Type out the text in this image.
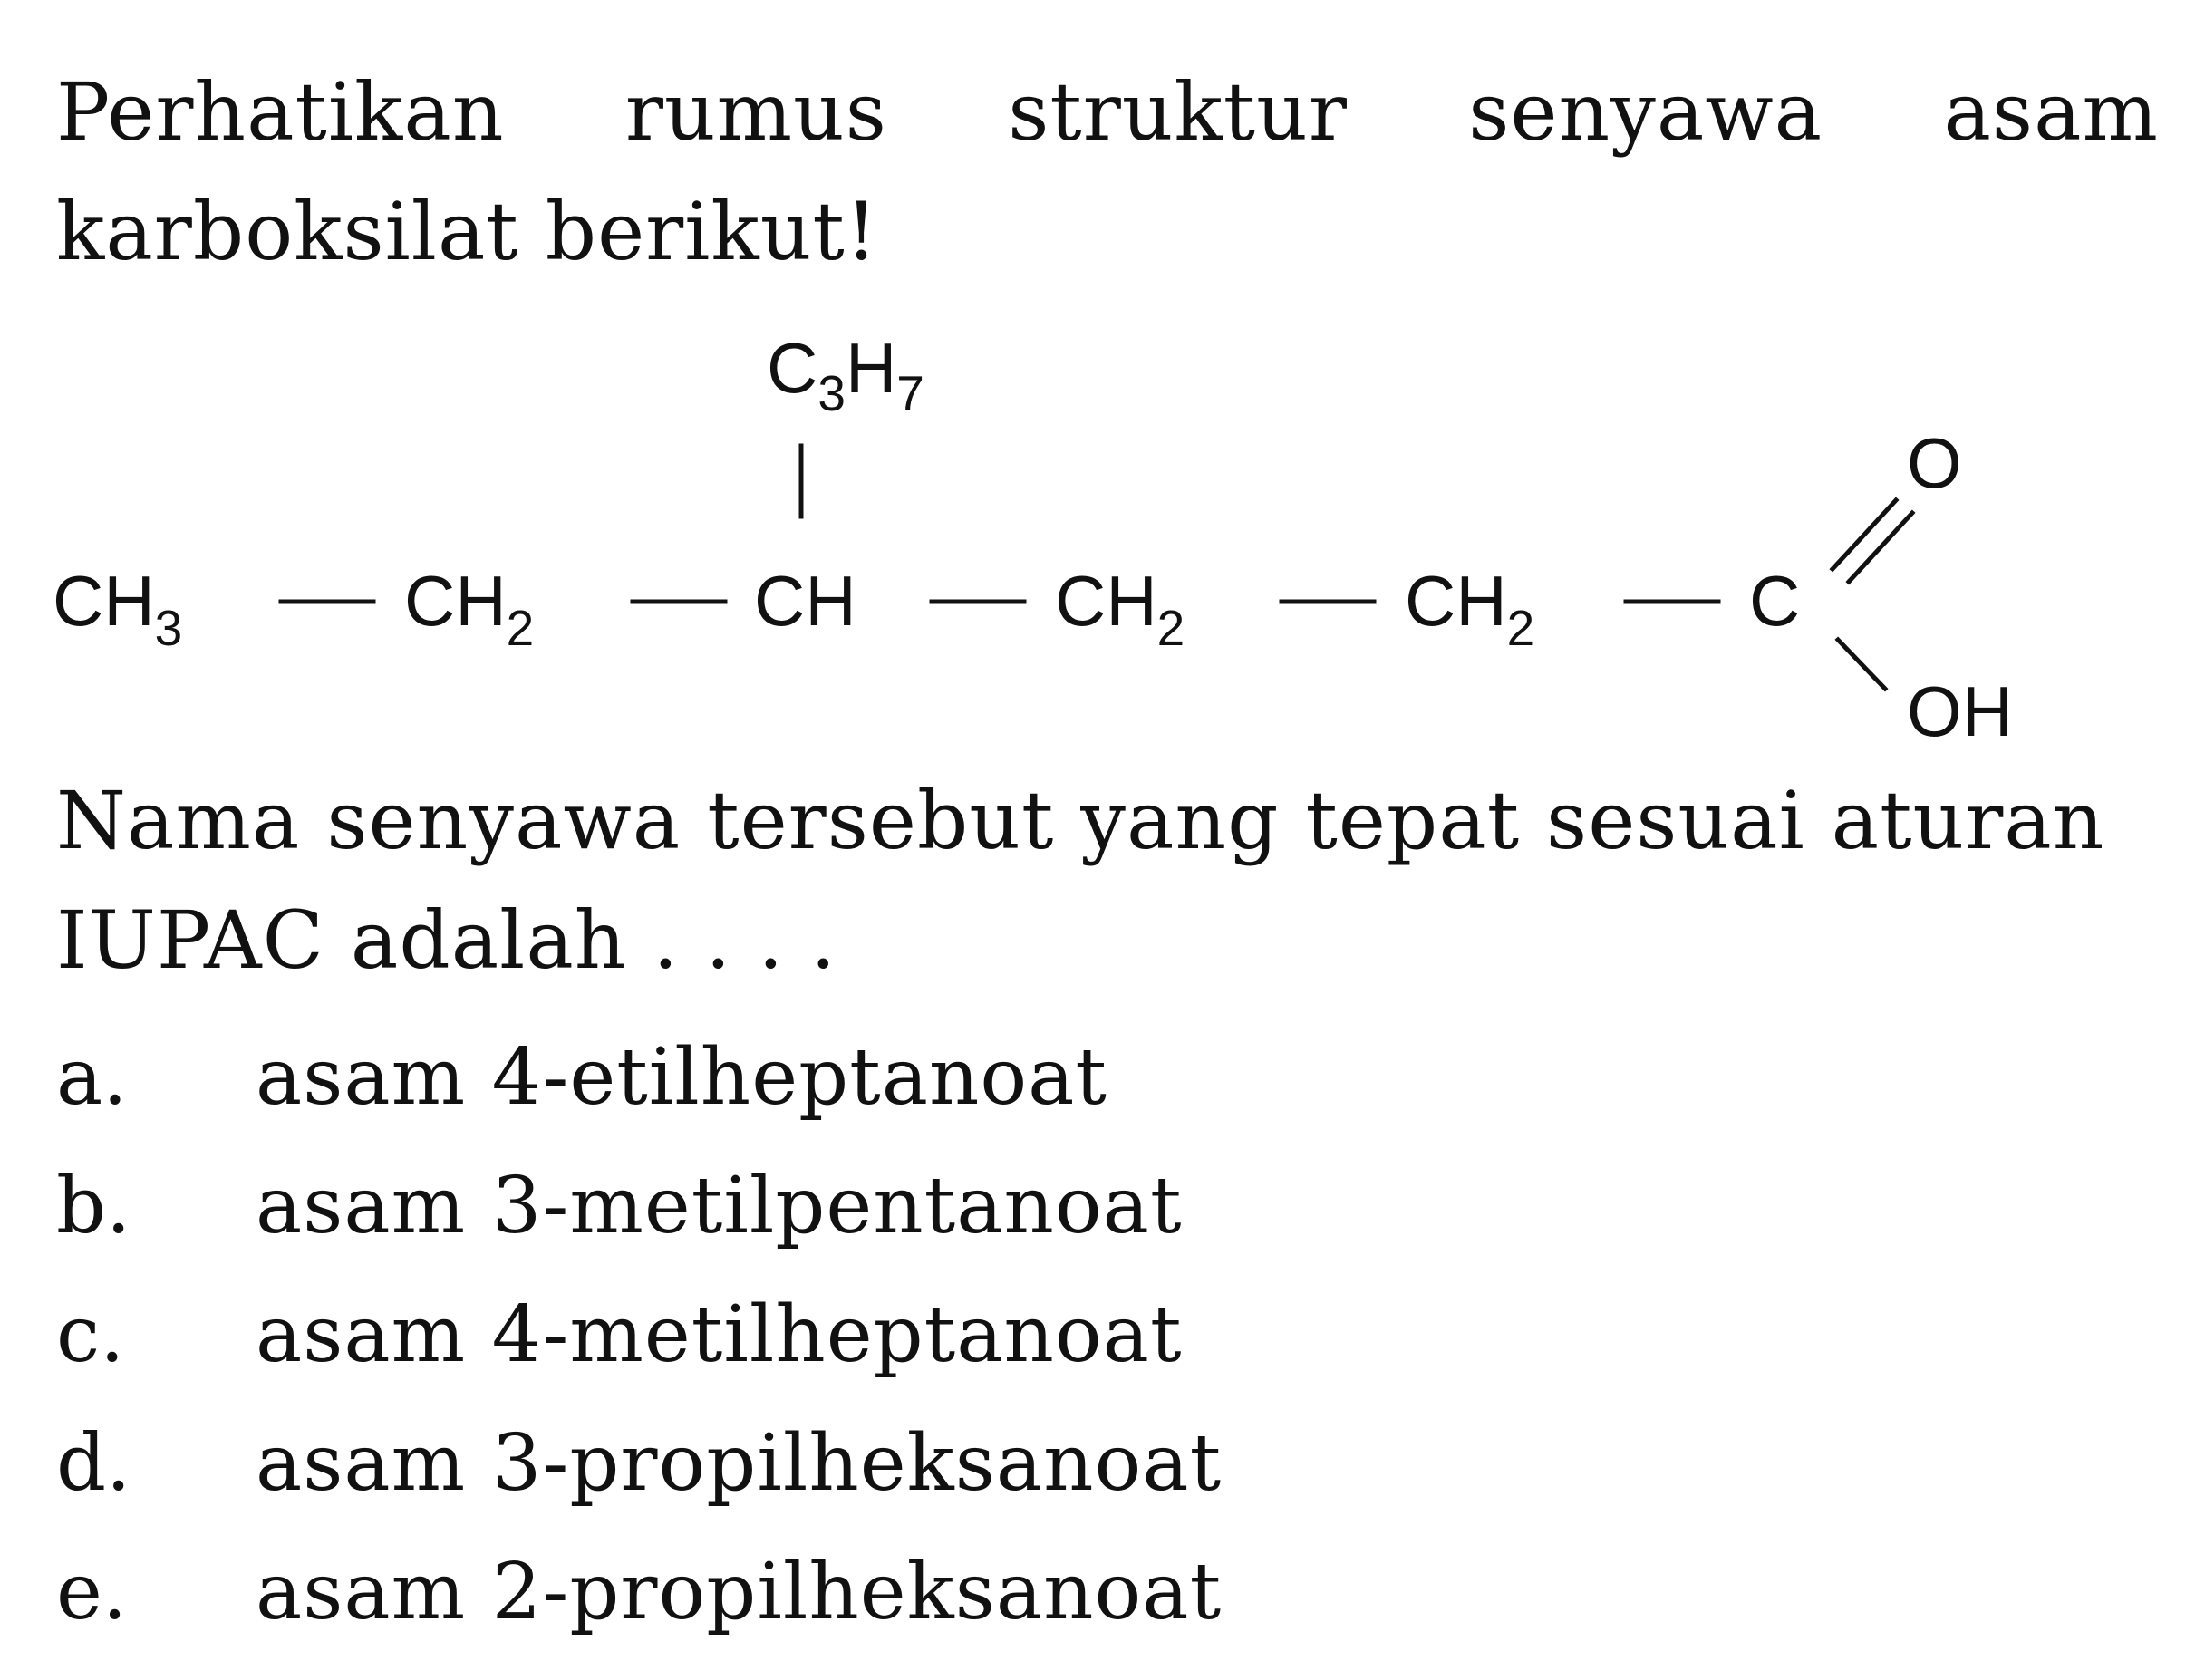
Perhatikan rumus struktur senyawa asam
karboksilat berikut!
C3H7
CH3	CH2	CH	CH2	CH2	C
O
OH
Nama senyawa tersebut yang tepat sesuai aturan
IUPAC adalah . . . .
a.	asam 4-etilheptanoat
b.	asam 3-metilpentanoat
c.	asam 4-metilheptanoat
d.	asam 3-propilheksanoat
e.	asam 2-propilheksanoat
